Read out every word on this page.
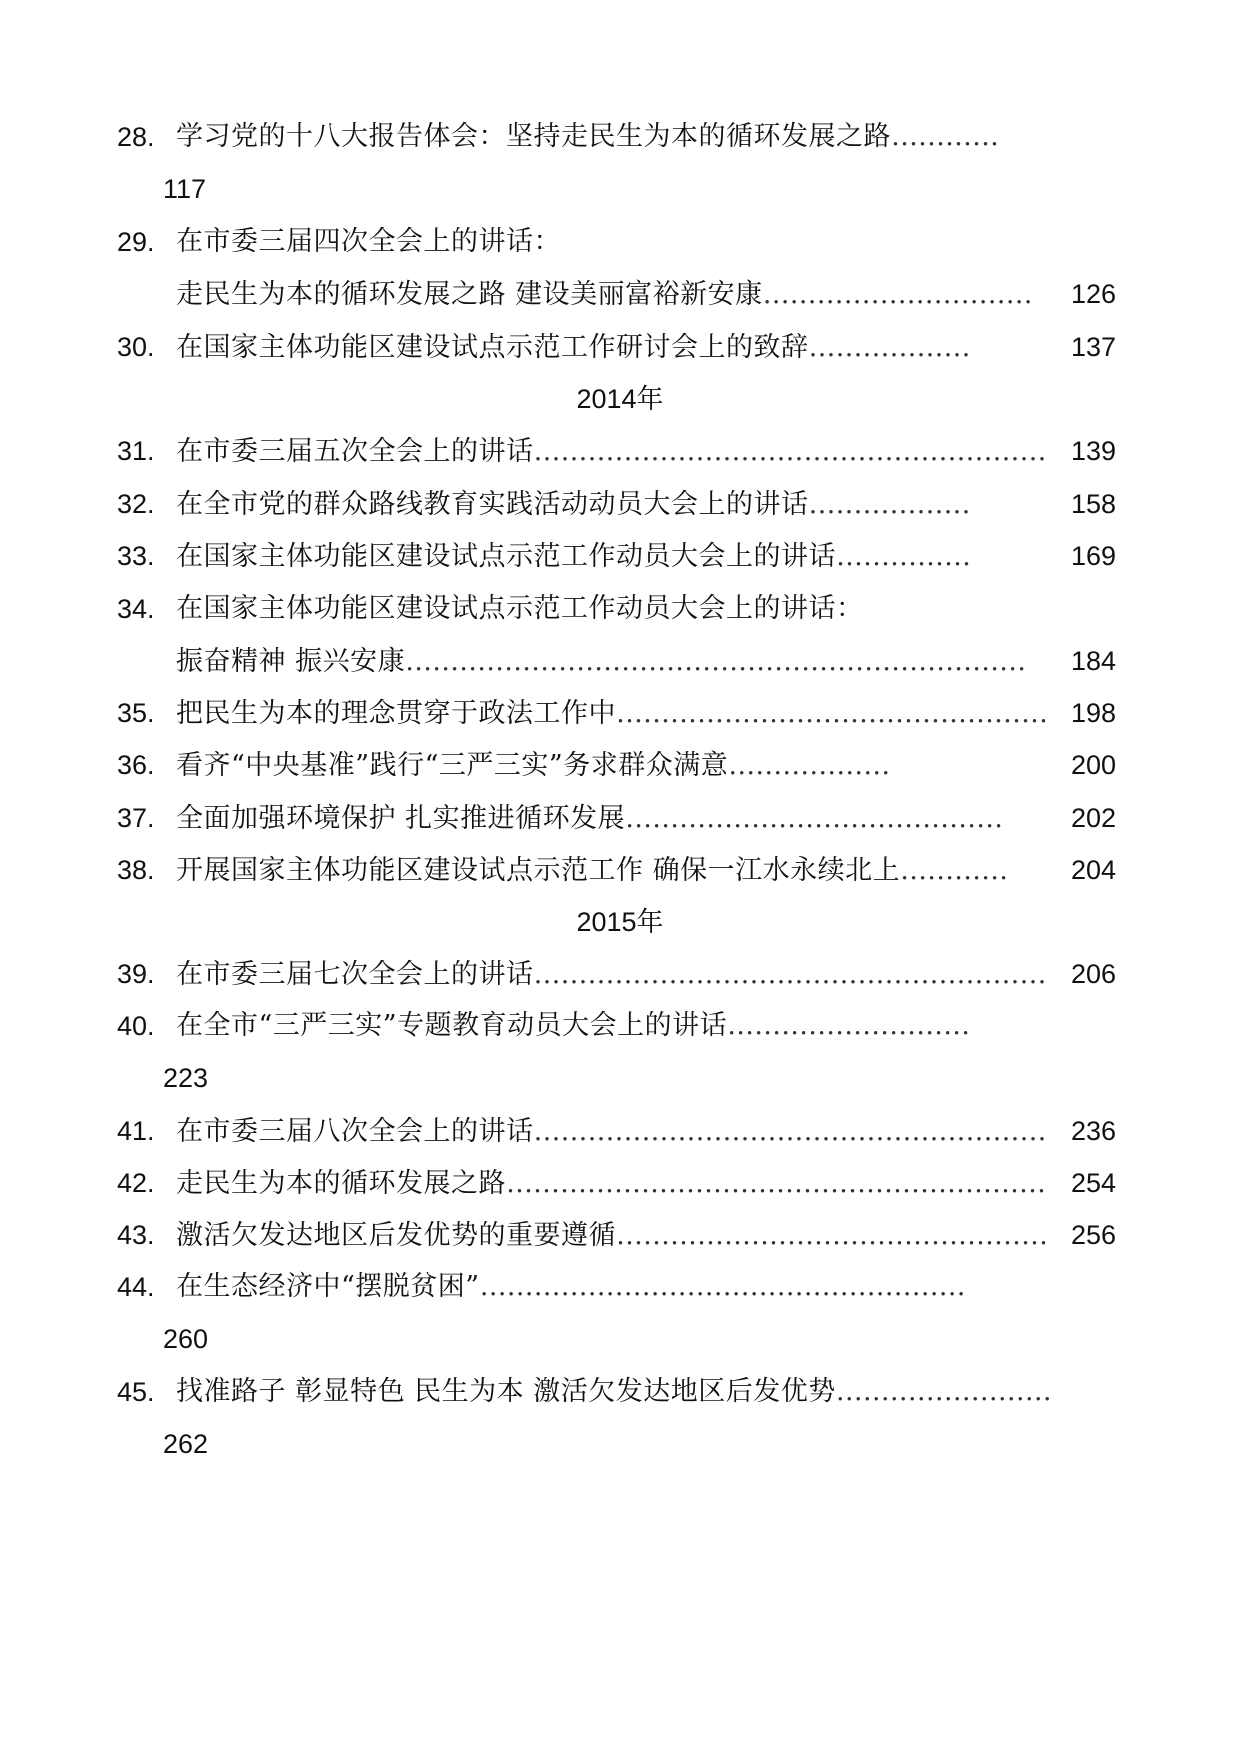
28. 学习党的十八大报告体会：坚持走民生为本的循环发展之路 …………
117
29. 在市委三届四次全会上的讲话：
走民生为本的循环发展之路 建设美丽富裕新安康 …………………………	126
30. 在国家主体功能区建设试点示范工作研讨会上的致辞 ………………	137
2014年
31. 在市委三届五次全会上的讲话 ………………………………………………… 139
32. 在全市党的群众路线教育实践活动动员大会上的讲话 ………………	158
33. 在国家主体功能区建设试点示范工作动员大会上的讲话 ……………	169
34. 在国家主体功能区建设试点示范工作动员大会上的讲话：
振奋精神 振兴安康 ……………………………………………………………	184
35. 把民生为本的理念贯穿于政法工作中 ………………………………………… 198
36. 看齐“中央基准”践行“三严三实”务求群众满意 ………………	200
37. 全面加强环境保护 扎实推进循环发展 ……………………………………	202
38. 开展国家主体功能区建设试点示范工作 确保一江水永续北上 …………	204
2015年
39. 在市委三届七次全会上的讲话 ………………………………………………… 206
40. 在全市“三严三实”专题教育动员大会上的讲话 ………………………
223
41. 在市委三届八次全会上的讲话 ………………………………………………… 236
42. 走民生为本的循环发展之路 …………………………………………………… 254
43. 激活欠发达地区后发优势的重要遵循 ………………………………………… 256
44. 在生态经济中“摆脱贫困” ………………………………………………
260
45. 找准路子 彰显特色 民生为本 激活欠发达地区后发优势 ……………………
262
